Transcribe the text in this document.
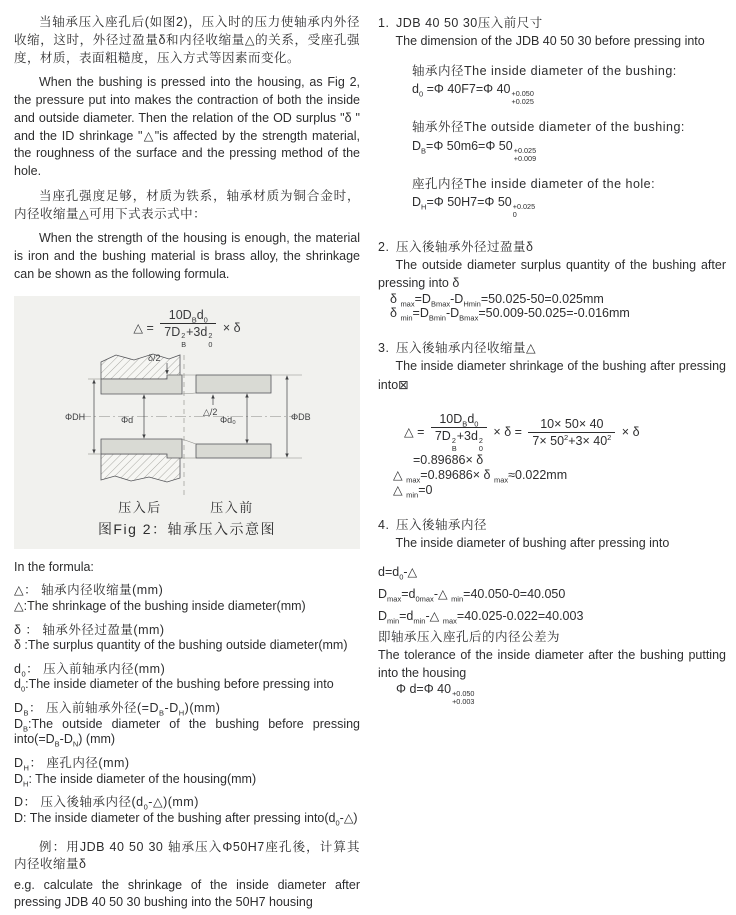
当轴承压入座孔后(如图2)，压入时的压力使轴承内外径收缩，这时，外径过盈量δ和内径收缩量△的关系，受座孔强度，材质，表面粗糙度，压入方式等因素而变化。

When the bushing is pressed into the housing, as Fig 2, the pressure put into makes the contraction of both the inside and outside diameter. Then the relation of the OD surplus "δ " and the ID shrinkage "△"is affected by the strength material, the roughness of the surface and the pressing method of the hole.

当座孔强度足够，材质为铁系，轴承材质为铜合金时，内径收缩量△可用下式表示式中：

When the strength of the housing is enough, the material is iron and the bushing material is brass alloy, the shrinkage can be shown as the following formula.

△ = $10D_Bd_0$
7D 2
B
+3d 2
0 × δ
ΦDH	Φd
δ/2
△/2
Φd₀	ΦDB
压入后	压入前
图Fig 2：轴承压入示意图

In the formula:

△： 轴承内径收缩量(mm)

△:The shrinkage of the bushing inside diameter(mm)

δ ： 轴承外径过盈量(mm)

δ :The surplus quantity of the bushing outside diameter(mm)

$d_0$： 压入前轴承内径(mm)

$d_0:The$ inside diameter of the bushing before pressing into

$D_B$： 压入前轴承外径$(=D_B-D_H)(mm)$

$D_B:The$ outside diameter of the bushing before pressing $into(=D_B-D_N)$ (mm)

$D_H$： 座孔内径(mm)

$D_H$: The inside diameter of the housing(mm)

D： 压入後轴承内径$(d_0-\triangle)(mm)$

D: The inside diameter of the bushing after pressing $into(d_0-\triangle)$

例：用JDB 40 50 30 轴承压入Φ50H7座孔後，计算其内径收缩量δ

e.g. calculate the shrinkage of the inside diameter after pressing JDB 40 50 30 bushing into the 50H7 housing

1. JDB 40 50 30压入前尺寸

The dimension of the JDB 40 50 30 before pressing into

轴承内径The inside diameter of the bushing:

$d_0 =\Phi$ 40F7=Φ 40 +0.050
+0.025

轴承外径The outside diameter of the bushing:

$D_B=\Phi$ 50m6=Φ 50 +0.025
+0.009

座孔内径The inside diameter of the hole:

$D_H=\Phi$ 50H7=Φ 50 +0.025
0

2. 压入後轴承外径过盈量δ

The outside diameter surplus quantity of the bushing after pressing into δ

δ $_{max}=D_{Bmax}-D_{Hmin}=50.025-50=0.025mm$

δ $_{min}=D_{Bmin}-D_{Bmax}=50.009-50.025=-0.016mm$

3. 压入後轴承内径收缩量△

The inside diameter shrinkage of the bushing after pressing into⊠

△ = $10D_Bd_0$
7D 2
B
+3d 2
$0 \times \delta = \frac{10\times 50\times 40}{7\times 50^2+3\times 40^2} \times \delta$

=0.89686× δ

△ $_{max}$=0.89686× δ $_{max}$≈0.022mm

△ $_{min}$=0

4. 压入後轴承内径

The inside diameter of bushing after pressing into

$d=d_0-\triangle$

$D_{max}=d_{0max}-\triangle$ $_{min}$=40.050-0=40.050

$D_{min}=d_{min}-\triangle$ $_{max}$=40.025-0.022=40.003

即轴承压入座孔后的内径公差为

The tolerance of the inside diameter after the bushing putting into the housing

Φ d=Φ 40 +0.050
+0.003
